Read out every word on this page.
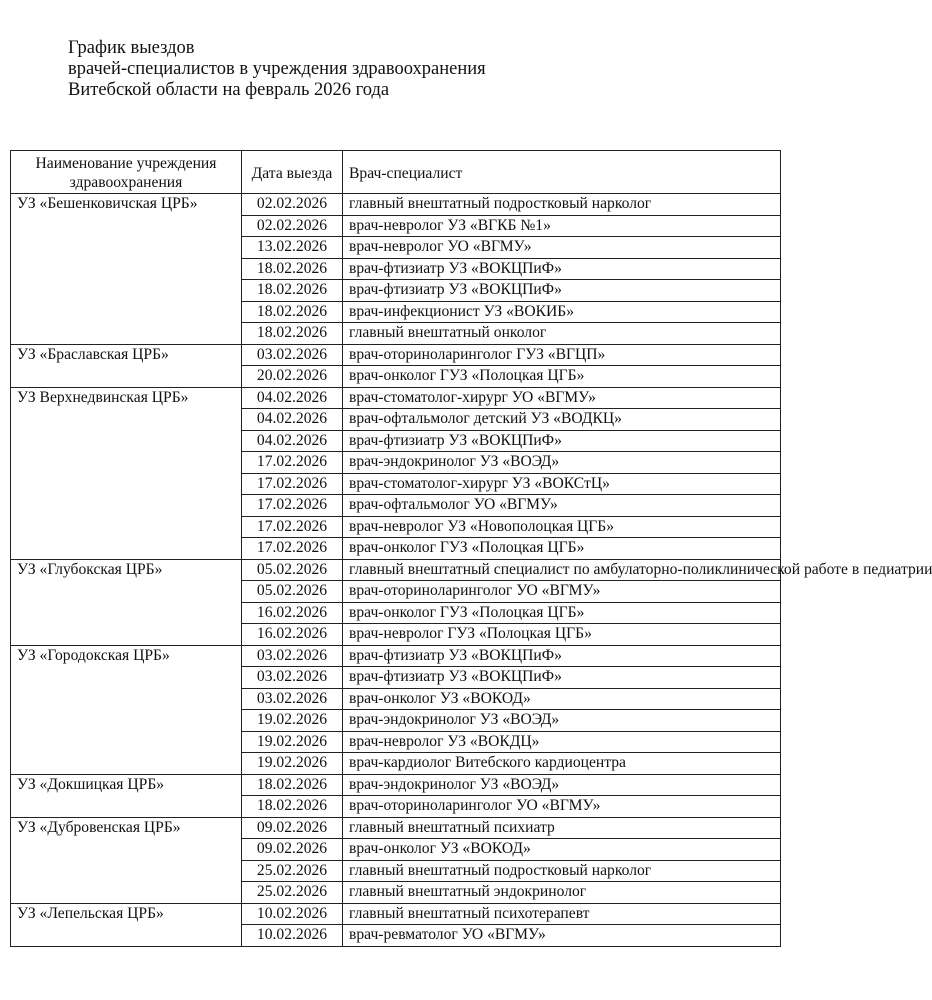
График выездов
врачей-специалистов в учреждения здравоохранения
Витебской области на февраль 2026 года
Наименование учреждения здравоохранения	Дата выезда	Врач-специалист
УЗ «Бешенковичская ЦРБ»	02.02.2026	главный внештатный подростковый нарколог
	02.02.2026	врач-невролог УЗ «ВГКБ №1»
	13.02.2026	врач-невролог УО «ВГМУ»
	18.02.2026	врач-фтизиатр УЗ «ВОКЦПиФ»
	18.02.2026	врач-фтизиатр УЗ «ВОКЦПиФ»
	18.02.2026	врач-инфекционист УЗ «ВОКИБ»
	18.02.2026	главный внештатный онколог
УЗ «Браславская ЦРБ»	03.02.2026	врач-оториноларинголог ГУЗ «ВГЦП»
	20.02.2026	врач-онколог ГУЗ «Полоцкая ЦГБ»
УЗ Верхнедвинская ЦРБ»	04.02.2026	врач-стоматолог-хирург УО «ВГМУ»
	04.02.2026	врач-офтальмолог детский УЗ «ВОДКЦ»
	04.02.2026	врач-фтизиатр УЗ «ВОКЦПиФ»
	17.02.2026	врач-эндокринолог УЗ «ВОЭД»
	17.02.2026	врач-стоматолог-хирург УЗ «ВОКСтЦ»
	17.02.2026	врач-офтальмолог УО «ВГМУ»
	17.02.2026	врач-невролог УЗ «Новополоцкая ЦГБ»
	17.02.2026	врач-онколог ГУЗ «Полоцкая ЦГБ»
УЗ «Глубокская ЦРБ»	05.02.2026	главный внештатный специалист по амбулаторно-поликлинической работе в педиатрии
	05.02.2026	врач-оториноларинголог УО «ВГМУ»
	16.02.2026	врач-онколог ГУЗ «Полоцкая ЦГБ»
	16.02.2026	врач-невролог ГУЗ «Полоцкая ЦГБ»
УЗ «Городокская ЦРБ»	03.02.2026	врач-фтизиатр УЗ «ВОКЦПиФ»
	03.02.2026	врач-фтизиатр УЗ «ВОКЦПиФ»
	03.02.2026	врач-онколог УЗ «ВОКОД»
	19.02.2026	врач-эндокринолог УЗ «ВОЭД»
	19.02.2026	врач-невролог УЗ «ВОКДЦ»
	19.02.2026	врач-кардиолог Витебского кардиоцентра
УЗ «Докшицкая ЦРБ»	18.02.2026	врач-эндокринолог УЗ «ВОЭД»
	18.02.2026	врач-оториноларинголог УО «ВГМУ»
УЗ «Дубровенская ЦРБ»	09.02.2026	главный внештатный психиатр
	09.02.2026	врач-онколог УЗ «ВОКОД»
	25.02.2026	главный внештатный подростковый нарколог
	25.02.2026	главный внештатный эндокринолог
УЗ «Лепельская ЦРБ»	10.02.2026	главный внештатный психотерапевт
	10.02.2026	врач-ревматолог УО «ВГМУ»
